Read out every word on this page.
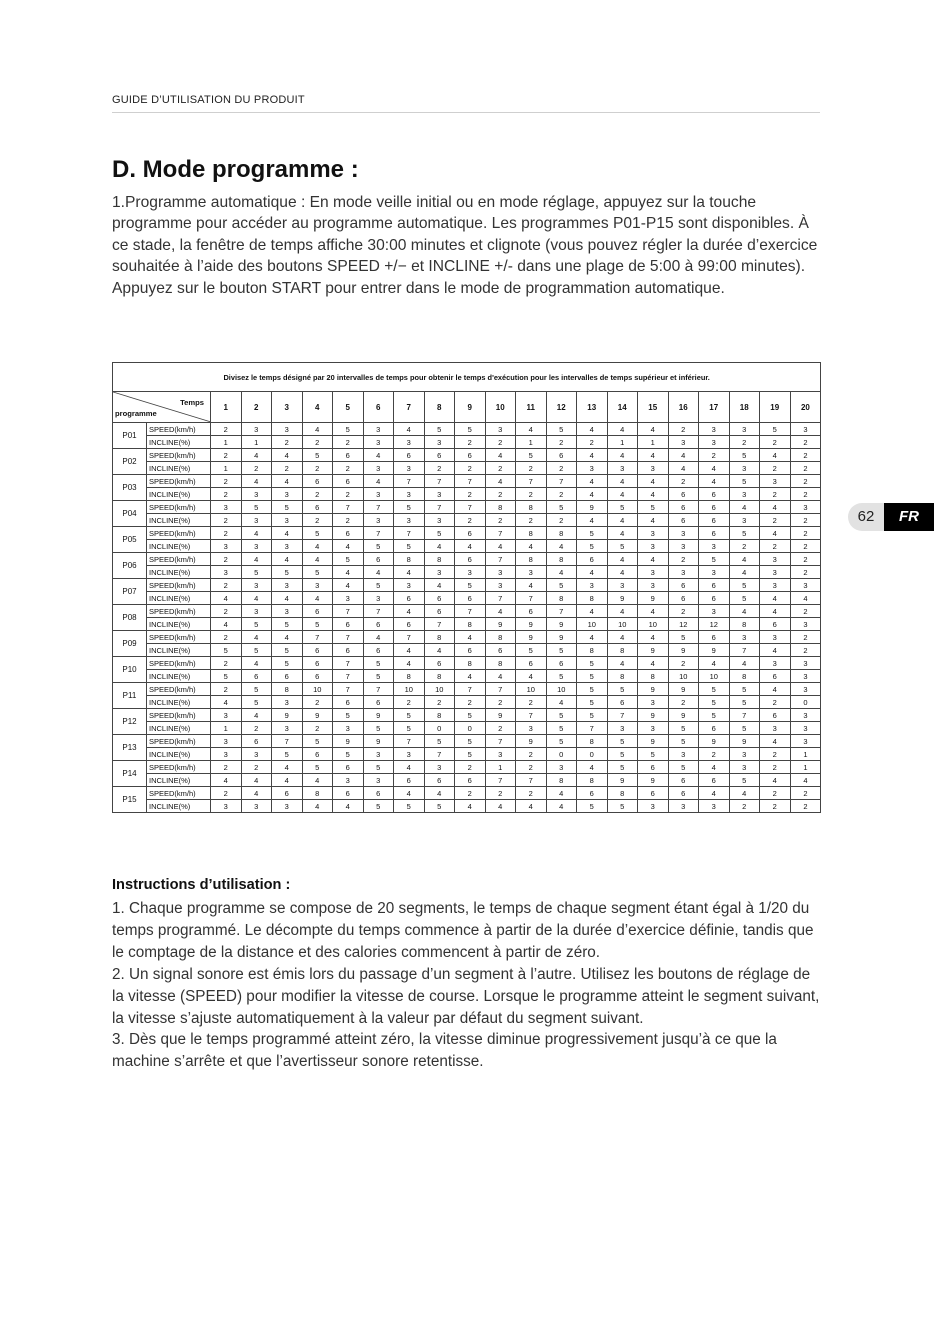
GUIDE D’UTILISATION DU PRODUIT
D. Mode programme :

1.Programme automatique : En mode veille initial ou en mode réglage, appuyez sur la touche programme pour accéder au programme automatique. Les programmes P01-P15 sont disponibles. À ce stade, la fenêtre de temps affiche 30:00 minutes et clignote (vous pouvez régler la durée d’exercice souhaitée à l’aide des boutons SPEED +/− et INCLINE +/- dans une plage de 5:00 à 99:00 minutes). Appuyez sur le bouton START pour entrer dans le mode de programmation automatique.

Divisez le temps désigné par 20 intervalles de temps pour obtenir le temps d'exécution pour les intervalles de temps supérieur et inférieur.																					

Temps
programme		1	2	3	4	5	6	7	8	9	10	11	12	13	14	15	16	17	18	19	20
P01	SPEED(km/h)	2	3	3	4	5	3	4	5	5	3	4	5	4	4	4	2	3	3	5	3
	INCLINE(%)	1	1	2	2	2	3	3	3	2	2	1	2	2	1	1	3	3	2	2	2
P02	SPEED(km/h)	2	4	4	5	6	4	6	6	6	4	5	6	4	4	4	4	2	5	4	2
	INCLINE(%)	1	2	2	2	2	3	3	2	2	2	2	2	3	3	3	4	4	3	2	2
P03	SPEED(km/h)	2	4	4	6	6	4	7	7	7	4	7	7	4	4	4	2	4	5	3	2
	INCLINE(%)	2	3	3	2	2	3	3	3	2	2	2	2	4	4	4	6	6	3	2	2
P04	SPEED(km/h)	3	5	5	6	7	7	5	7	7	8	8	5	9	5	5	6	6	4	4	3
	INCLINE(%)	2	3	3	2	2	3	3	3	2	2	2	2	4	4	4	6	6	3	2	2
P05	SPEED(km/h)	2	4	4	5	6	7	7	5	6	7	8	8	5	4	3	3	6	5	4	2
	INCLINE(%)	3	3	3	4	4	5	5	4	4	4	4	4	5	5	3	3	3	2	2	2
P06	SPEED(km/h)	2	4	4	4	5	6	8	8	6	7	8	8	6	4	4	2	5	4	3	2
	INCLINE(%)	3	5	5	5	4	4	4	3	3	3	3	4	4	4	3	3	3	4	3	2
P07	SPEED(km/h)	2	3	3	3	4	5	3	4	5	3	4	5	3	3	3	6	6	5	3	3
	INCLINE(%)	4	4	4	4	3	3	6	6	6	7	7	8	8	9	9	6	6	5	4	4
P08	SPEED(km/h)	2	3	3	6	7	7	4	6	7	4	6	7	4	4	4	2	3	4	4	2
	INCLINE(%)	4	5	5	5	6	6	6	7	8	9	9	9	10	10	10	12	12	8	6	3
P09	SPEED(km/h)	2	4	4	7	7	4	7	8	4	8	9	9	4	4	4	5	6	3	3	2
	INCLINE(%)	5	5	5	6	6	6	4	4	6	6	5	5	8	8	9	9	9	7	4	2
P10	SPEED(km/h)	2	4	5	6	7	5	4	6	8	8	6	6	5	4	4	2	4	4	3	3
	INCLINE(%)	5	6	6	6	7	5	8	8	4	4	4	5	5	8	8	10	10	8	6	3
P11	SPEED(km/h)	2	5	8	10	7	7	10	10	7	7	10	10	5	5	9	9	5	5	4	3
	INCLINE(%)	4	5	3	2	6	6	2	2	2	2	2	4	5	6	3	2	5	5	2	0
P12	SPEED(km/h)	3	4	9	9	5	9	5	8	5	9	7	5	5	7	9	9	5	7	6	3
	INCLINE(%)	1	2	3	2	3	5	5	0	0	2	3	5	7	3	3	5	6	5	3	3
P13	SPEED(km/h)	3	6	7	5	9	9	7	5	5	7	9	5	8	5	9	5	9	9	4	3
	INCLINE(%)	3	3	5	6	5	3	3	7	5	3	2	0	0	5	5	3	2	3	2	1
P14	SPEED(km/h)	2	2	4	5	6	5	4	3	2	1	2	3	4	5	6	5	4	3	2	1
	INCLINE(%)	4	4	4	4	3	3	6	6	6	7	7	8	8	9	9	6	6	5	4	4
P15	SPEED(km/h)	2	4	6	8	6	6	4	4	2	2	2	4	6	8	6	6	4	4	2	2
	INCLINE(%)	3	3	3	4	4	5	5	5	4	4	4	4	5	5	3	3	3	2	2	2
Instructions d’utilisation :

1. Chaque programme se compose de 20 segments, le temps de chaque segment étant égal à 1/20 du temps programmé. Le décompte du temps commence à partir de la durée d’exercice définie, tandis que le comptage de la distance et des calories commencent à partir de zéro.

2. Un signal sonore est émis lors du passage d’un segment à l’autre. Utilisez les boutons de réglage de la vitesse (SPEED) pour modifier la vitesse de course. Lorsque le programme atteint le segment suivant, la vitesse s’ajuste automatiquement à la valeur par défaut du segment suivant.

3. Dès que le temps programmé atteint zéro, la vitesse diminue progressivement jusqu’à ce que la machine s’arrête et que l’avertisseur sonore retentisse.

62	FR
